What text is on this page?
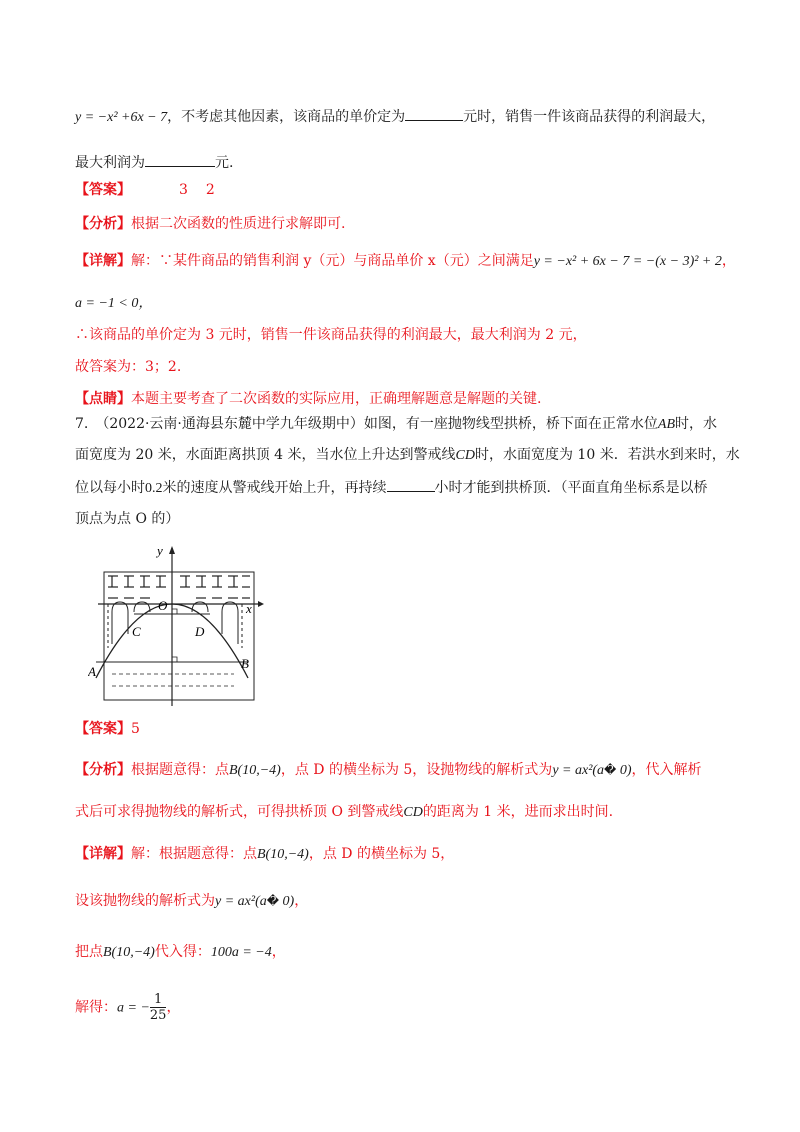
y = −x² +6x − 7，不考虑其他因素，该商品的单价定为	元时，销售一件该商品获得的利润最大，
最大利润为	元.
【答案】	3 2
【分析】根据二次函数的性质进行求解即可.
【详解】解：∵某件商品的销售利润 y（元）与商品单价 x（元）之间满足y = −x² + 6x − 7 = −(x − 3)² + 2，
a = −1 < 0，
∴该商品的单价定为 3 元时，销售一件该商品获得的利润最大，最大利润为 2 元，
故答案为：3；2.
【点睛】本题主要考查了二次函数的实际应用，正确理解题意是解题的关键.
7.　（2022·云南·通海县东麓中学九年级期中）如图，有一座抛物线型拱桥，桥下面在正常水位AB时，水
面宽度为 20 米，水面距离拱顶 4 米，当水位上升达到警戒线CD时，水面宽度为 10 米．若洪水到来时，水
位以每小时0.2米的速度从警戒线开始上升，再持续	小时才能到拱桥顶．（平面直角坐标系是以桥
顶点为点 O 的）
y
x
O
C	D
A
B
【答案】5
【分析】根据题意得：点B(10,−4)，点 D 的横坐标为 5，设抛物线的解析式为y = ax²(a� 0)，代入解析
式后可求得抛物线的解析式，可得拱桥顶 O 到警戒线CD的距离为 1 米，进而求出时间.
【详解】解：根据题意得：点B(10,−4)，点 D 的横坐标为 5，
设该抛物线的解析式为y = ax²(a� 0)，
把点B(10,−4)代入得：100a = −4，
解得：a = − $\frac{1}{25}$ ，
